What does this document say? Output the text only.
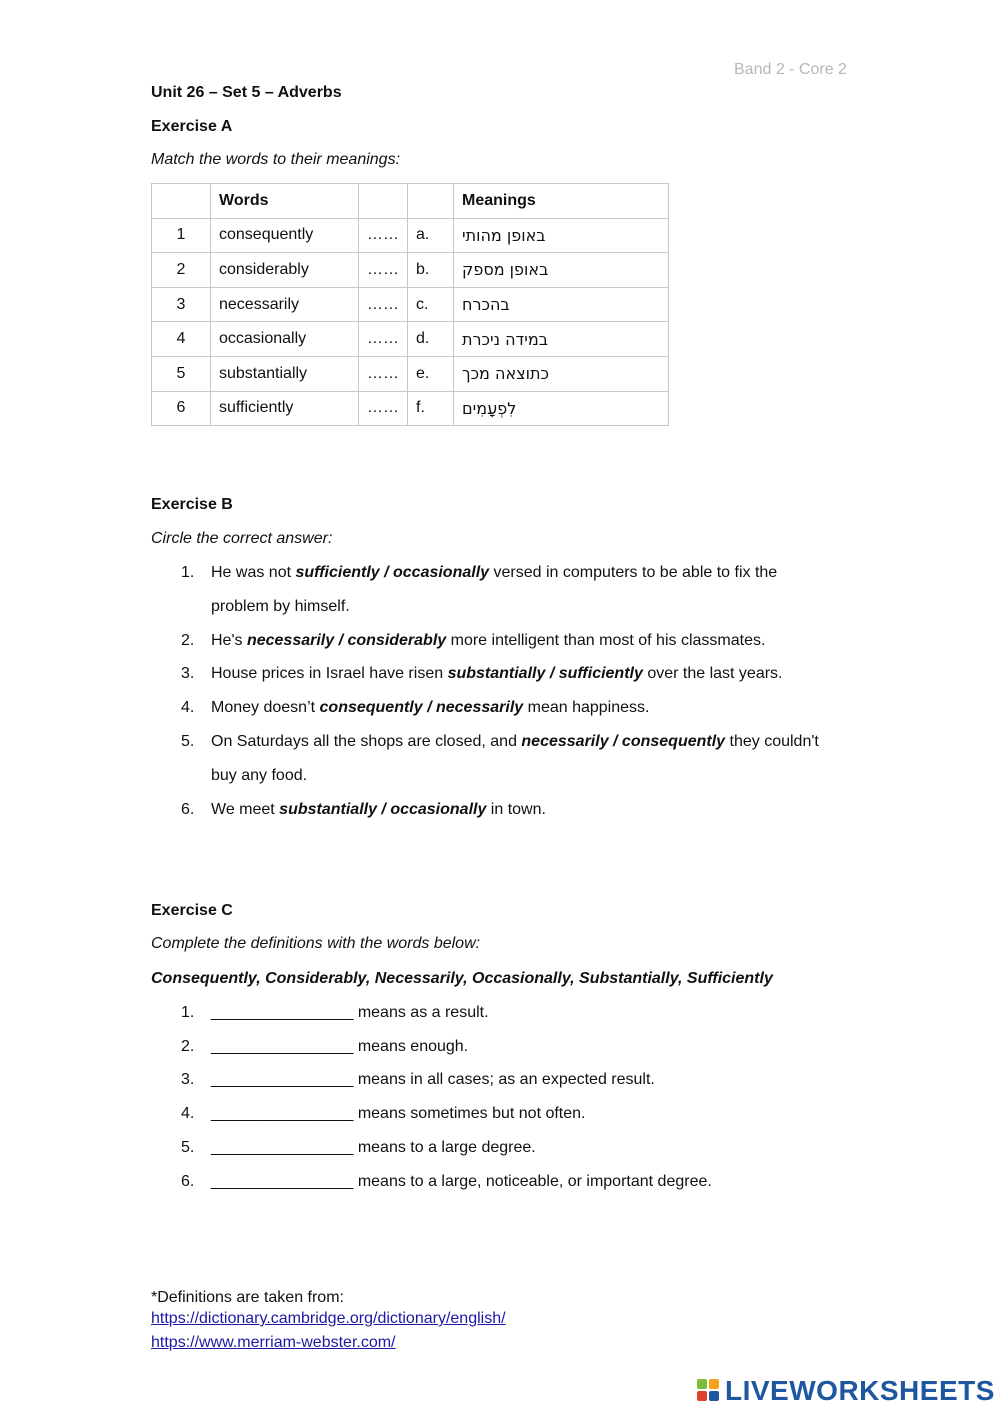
Band 2 - Core 2
Unit 26 – Set 5 – Adverbs
Exercise A
Match the words to their meanings:
	Words			Meanings
1	consequently	……	a.	באופן מהותי
2	considerably	……	b.	באופן מספק
3	necessarily	……	c.	בהכרח
4	occasionally	……	d.	במידה ניכרת
5	substantially	……	e.	כתוצאה מכך
6	sufficiently	……	f.	לִפְעָמִים
Exercise B
Circle the correct answer:
1. He was not sufficiently / occasionally versed in computers to be able to fix the
problem by himself.
2. He's necessarily / considerably more intelligent than most of his classmates.
3. House prices in Israel have risen substantially / sufficiently over the last years.
4. Money doesn’t consequently / necessarily mean happiness.
5. On Saturdays all the shops are closed, and necessarily / consequently they couldn't
buy any food.
6. We meet substantially / occasionally in town.
Exercise C
Complete the definitions with the words below:
Consequently, Considerably, Necessarily, Occasionally, Substantially, Sufficiently
1. ________________ means as a result.
2. ________________ means enough.
3. ________________ means in all cases; as an expected result.
4. ________________ means sometimes but not often.
5. ________________ means to a large degree.
6. ________________ means to a large, noticeable, or important degree.
*Definitions are taken from:
https://dictionary.cambridge.org/dictionary/english/
https://www.merriam-webster.com/
LIVEWORKSHEETS
